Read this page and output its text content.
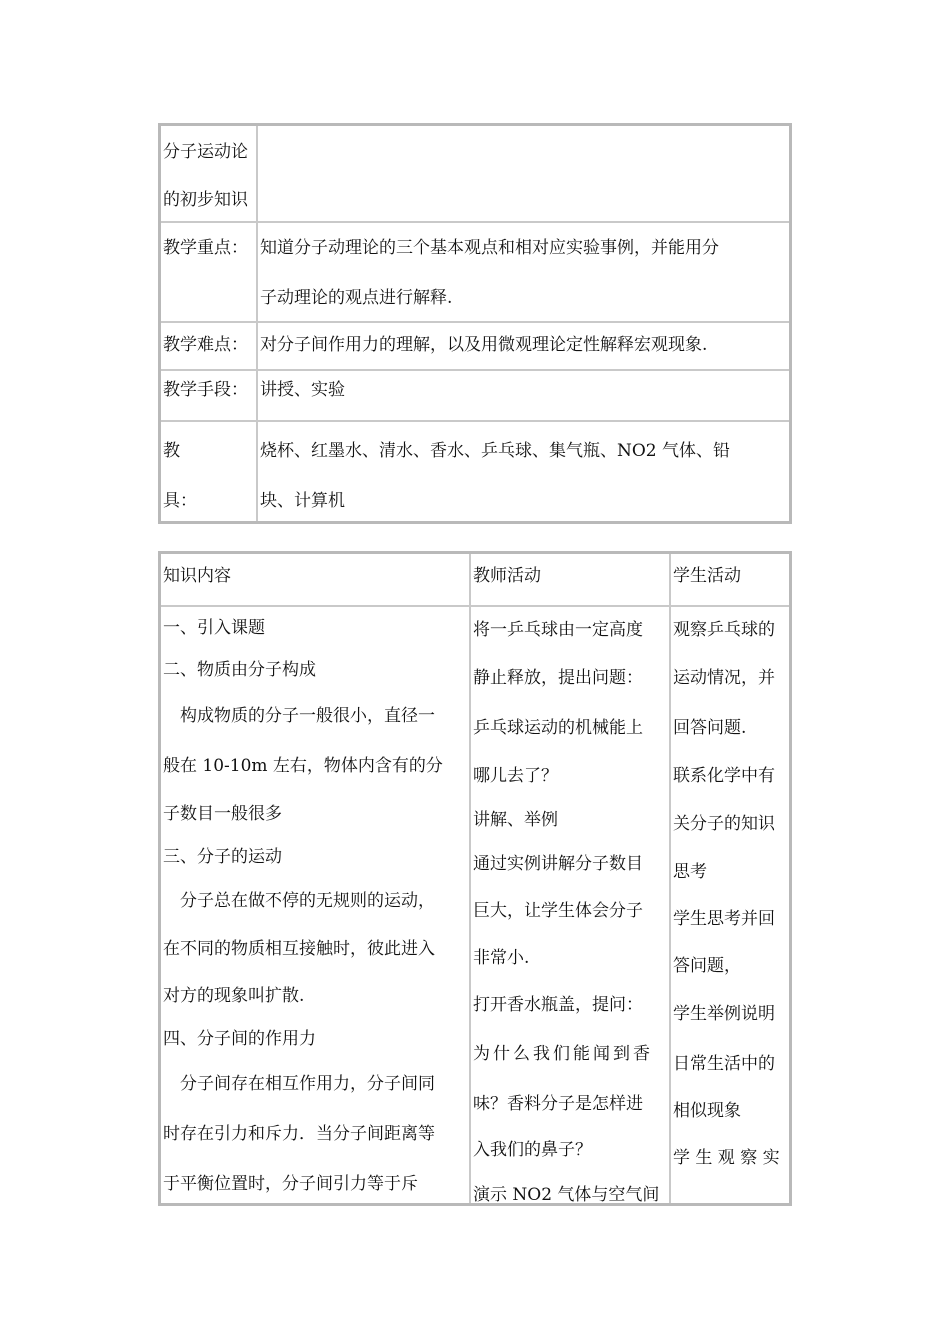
分子运动论
的初步知识
教学重点： 知道分子动理论的三个基本观点和相对应实验事例，并能用分
子动理论的观点进行解释.
教学难点： 对分子间作用力的理解，以及用微观理论定性解释宏观现象.
教学手段： 讲授、实验
教
具：
烧杯、红墨水、清水、香水、乒乓球、集气瓶、NO2 气体、铅
块、计算机
知识内容	教师活动	学生活动
一、引入课题
二、物质由分子构成
　构成物质的分子一般很小，直径一
般在 10-10m 左右，物体内含有的分
子数目一般很多
三、分子的运动
　分子总在做不停的无规则的运动，
在不同的物质相互接触时，彼此进入
对方的现象叫扩散.
四、分子间的作用力
　分子间存在相互作用力，分子间同
时存在引力和斥力．当分子间距离等
于平衡位置时，分子间引力等于斥
将一乒乓球由一定高度
静止释放，提出问题：
乒乓球运动的机械能上
哪儿去了？
讲解、举例
通过实例讲解分子数目
巨大，让学生体会分子
非常小.
打开香水瓶盖，提问：
为什么我们能闻到香
味？香料分子是怎样进
入我们的鼻子？
演示 NO2 气体与空气间
观察乒乓球的
运动情况，并
回答问题.
联系化学中有
关分子的知识
思考
学生思考并回
答问题，
学生举例说明
日常生活中的
相似现象
学 生 观 察 实
